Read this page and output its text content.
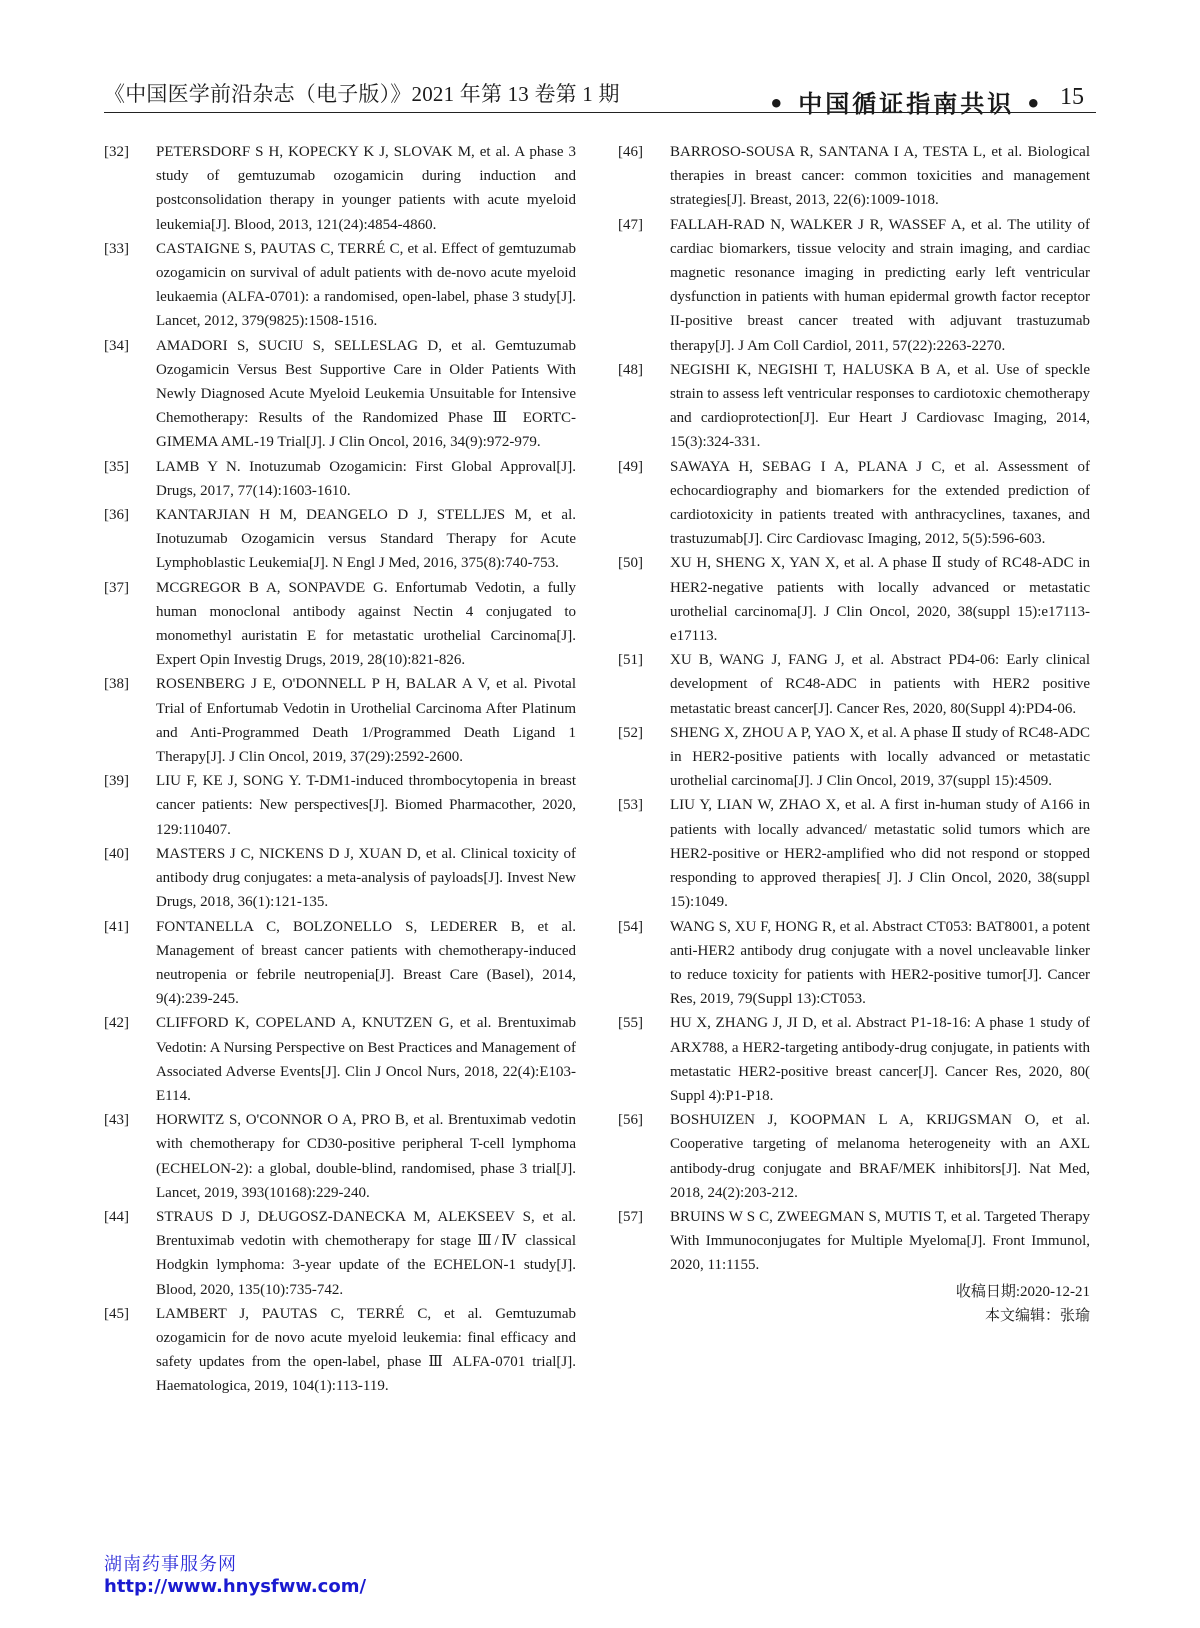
《中国医学前沿杂志（电子版）》2021 年第 13 卷第 1 期	• 中国循证指南共识 • 15
[32]	PETERSDORF S H, KOPECKY K J, SLOVAK M, et al. A phase 3 study of gemtuzumab ozogamicin during induction and postconsolidation therapy in younger patients with acute myeloid leukemia[J]. Blood, 2013, 121(24):4854-4860.
[33]	CASTAIGNE S, PAUTAS C, TERRÉ C, et al. Effect of gemtuzumab ozogamicin on survival of adult patients with de-novo acute myeloid leukaemia (ALFA-0701): a randomised, open-label, phase 3 study[J]. Lancet, 2012, 379(9825):1508-1516.
[34]	AMADORI S, SUCIU S, SELLESLAG D, et al. Gemtuzumab Ozogamicin Versus Best Supportive Care in Older Patients With Newly Diagnosed Acute Myeloid Leukemia Unsuitable for Intensive Chemotherapy: Results of the Randomized Phase Ⅲ EORTC-GIMEMA AML-19 Trial[J]. J Clin Oncol, 2016, 34(9):972-979.
[35]	LAMB Y N. Inotuzumab Ozogamicin: First Global Approval[J]. Drugs, 2017, 77(14):1603-1610.
[36]	KANTARJIAN H M, DEANGELO D J, STELLJES M, et al. Inotuzumab Ozogamicin versus Standard Therapy for Acute Lymphoblastic Leukemia[J]. N Engl J Med, 2016, 375(8):740-753.
[37]	MCGREGOR B A, SONPAVDE G. Enfortumab Vedotin, a fully human monoclonal antibody against Nectin 4 conjugated to monomethyl auristatin E for metastatic urothelial Carcinoma[J]. Expert Opin Investig Drugs, 2019, 28(10):821-826.
[38]	ROSENBERG J E, O'DONNELL P H, BALAR A V, et al. Pivotal Trial of Enfortumab Vedotin in Urothelial Carcinoma After Platinum and Anti-Programmed Death 1/Programmed Death Ligand 1 Therapy[J]. J Clin Oncol, 2019, 37(29):2592-2600.
[39]	LIU F, KE J, SONG Y. T-DM1-induced thrombocytopenia in breast cancer patients: New perspectives[J]. Biomed Pharmacother, 2020, 129:110407.
[40]	MASTERS J C, NICKENS D J, XUAN D, et al. Clinical toxicity of antibody drug conjugates: a meta-analysis of payloads[J]. Invest New Drugs, 2018, 36(1):121-135.
[41]	FONTANELLA C, BOLZONELLO S, LEDERER B, et al. Management of breast cancer patients with chemotherapy-induced neutropenia or febrile neutropenia[J]. Breast Care (Basel), 2014, 9(4):239-245.
[42]	CLIFFORD K, COPELAND A, KNUTZEN G, et al. Brentuximab Vedotin: A Nursing Perspective on Best Practices and Management of Associated Adverse Events[J]. Clin J Oncol Nurs, 2018, 22(4):E103-E114.
[43]	HORWITZ S, O'CONNOR O A, PRO B, et al. Brentuximab vedotin with chemotherapy for CD30-positive peripheral T-cell lymphoma (ECHELON-2): a global, double-blind, randomised, phase 3 trial[J]. Lancet, 2019, 393(10168):229-240.
[44]	STRAUS D J, DŁUGOSZ-DANECKA M, ALEKSEEV S, et al. Brentuximab vedotin with chemotherapy for stage Ⅲ/Ⅳ classical Hodgkin lymphoma: 3-year update of the ECHELON-1 study[J]. Blood, 2020, 135(10):735-742.
[45]	LAMBERT J, PAUTAS C, TERRÉ C, et al. Gemtuzumab ozogamicin for de novo acute myeloid leukemia: final efficacy and safety updates from the open-label, phase Ⅲ ALFA-0701 trial[J]. Haematologica, 2019, 104(1):113-119.
[46]	BARROSO-SOUSA R, SANTANA I A, TESTA L, et al. Biological therapies in breast cancer: common toxicities and management strategies[J]. Breast, 2013, 22(6):1009-1018.
[47]	FALLAH-RAD N, WALKER J R, WASSEF A, et al. The utility of cardiac biomarkers, tissue velocity and strain imaging, and cardiac magnetic resonance imaging in predicting early left ventricular dysfunction in patients with human epidermal growth factor receptor II-positive breast cancer treated with adjuvant trastuzumab therapy[J]. J Am Coll Cardiol, 2011, 57(22):2263-2270.
[48]	NEGISHI K, NEGISHI T, HALUSKA B A, et al. Use of speckle strain to assess left ventricular responses to cardiotoxic chemotherapy and cardioprotection[J]. Eur Heart J Cardiovasc Imaging, 2014, 15(3):324-331.
[49]	SAWAYA H, SEBAG I A, PLANA J C, et al. Assessment of echocardiography and biomarkers for the extended prediction of cardiotoxicity in patients treated with anthracyclines, taxanes, and trastuzumab[J]. Circ Cardiovasc Imaging, 2012, 5(5):596-603.
[50]	XU H, SHENG X, YAN X, et al. A phase Ⅱ study of RC48-ADC in HER2-negative patients with locally advanced or metastatic urothelial carcinoma[J]. J Clin Oncol, 2020, 38(suppl 15):e17113-e17113.
[51]	XU B, WANG J, FANG J, et al. Abstract PD4-06: Early clinical development of RC48-ADC in patients with HER2 positive metastatic breast cancer[J]. Cancer Res, 2020, 80(Suppl 4):PD4-06.
[52]	SHENG X, ZHOU A P, YAO X, et al. A phase Ⅱ study of RC48-ADC in HER2-positive patients with locally advanced or metastatic urothelial carcinoma[J]. J Clin Oncol, 2019, 37(suppl 15):4509.
[53]	LIU Y, LIAN W, ZHAO X, et al. A first in-human study of A166 in patients with locally advanced/ metastatic solid tumors which are HER2-positive or HER2-amplified who did not respond or stopped responding to approved therapies[ J]. J Clin Oncol, 2020, 38(suppl 15):1049.
[54]	WANG S, XU F, HONG R, et al. Abstract CT053: BAT8001, a potent anti-HER2 antibody drug conjugate with a novel uncleavable linker to reduce toxicity for patients with HER2-positive tumor[J]. Cancer Res, 2019, 79(Suppl 13):CT053.
[55]	HU X, ZHANG J, JI D, et al. Abstract P1-18-16: A phase 1 study of ARX788, a HER2-targeting antibody-drug conjugate, in patients with metastatic HER2-positive breast cancer[J]. Cancer Res, 2020, 80( Suppl 4):P1-P18.
[56]	BOSHUIZEN J, KOOPMAN L A, KRIJGSMAN O, et al. Cooperative targeting of melanoma heterogeneity with an AXL antibody-drug conjugate and BRAF/MEK inhibitors[J]. Nat Med, 2018, 24(2):203-212.
[57]	BRUINS W S C, ZWEEGMAN S, MUTIS T, et al. Targeted Therapy With Immunoconjugates for Multiple Myeloma[J]. Front Immunol, 2020, 11:1155.
收稿日期:2020-12-21
本文编辑：张瑜
湖南药事服务网
http://www.hnysfww.com/
